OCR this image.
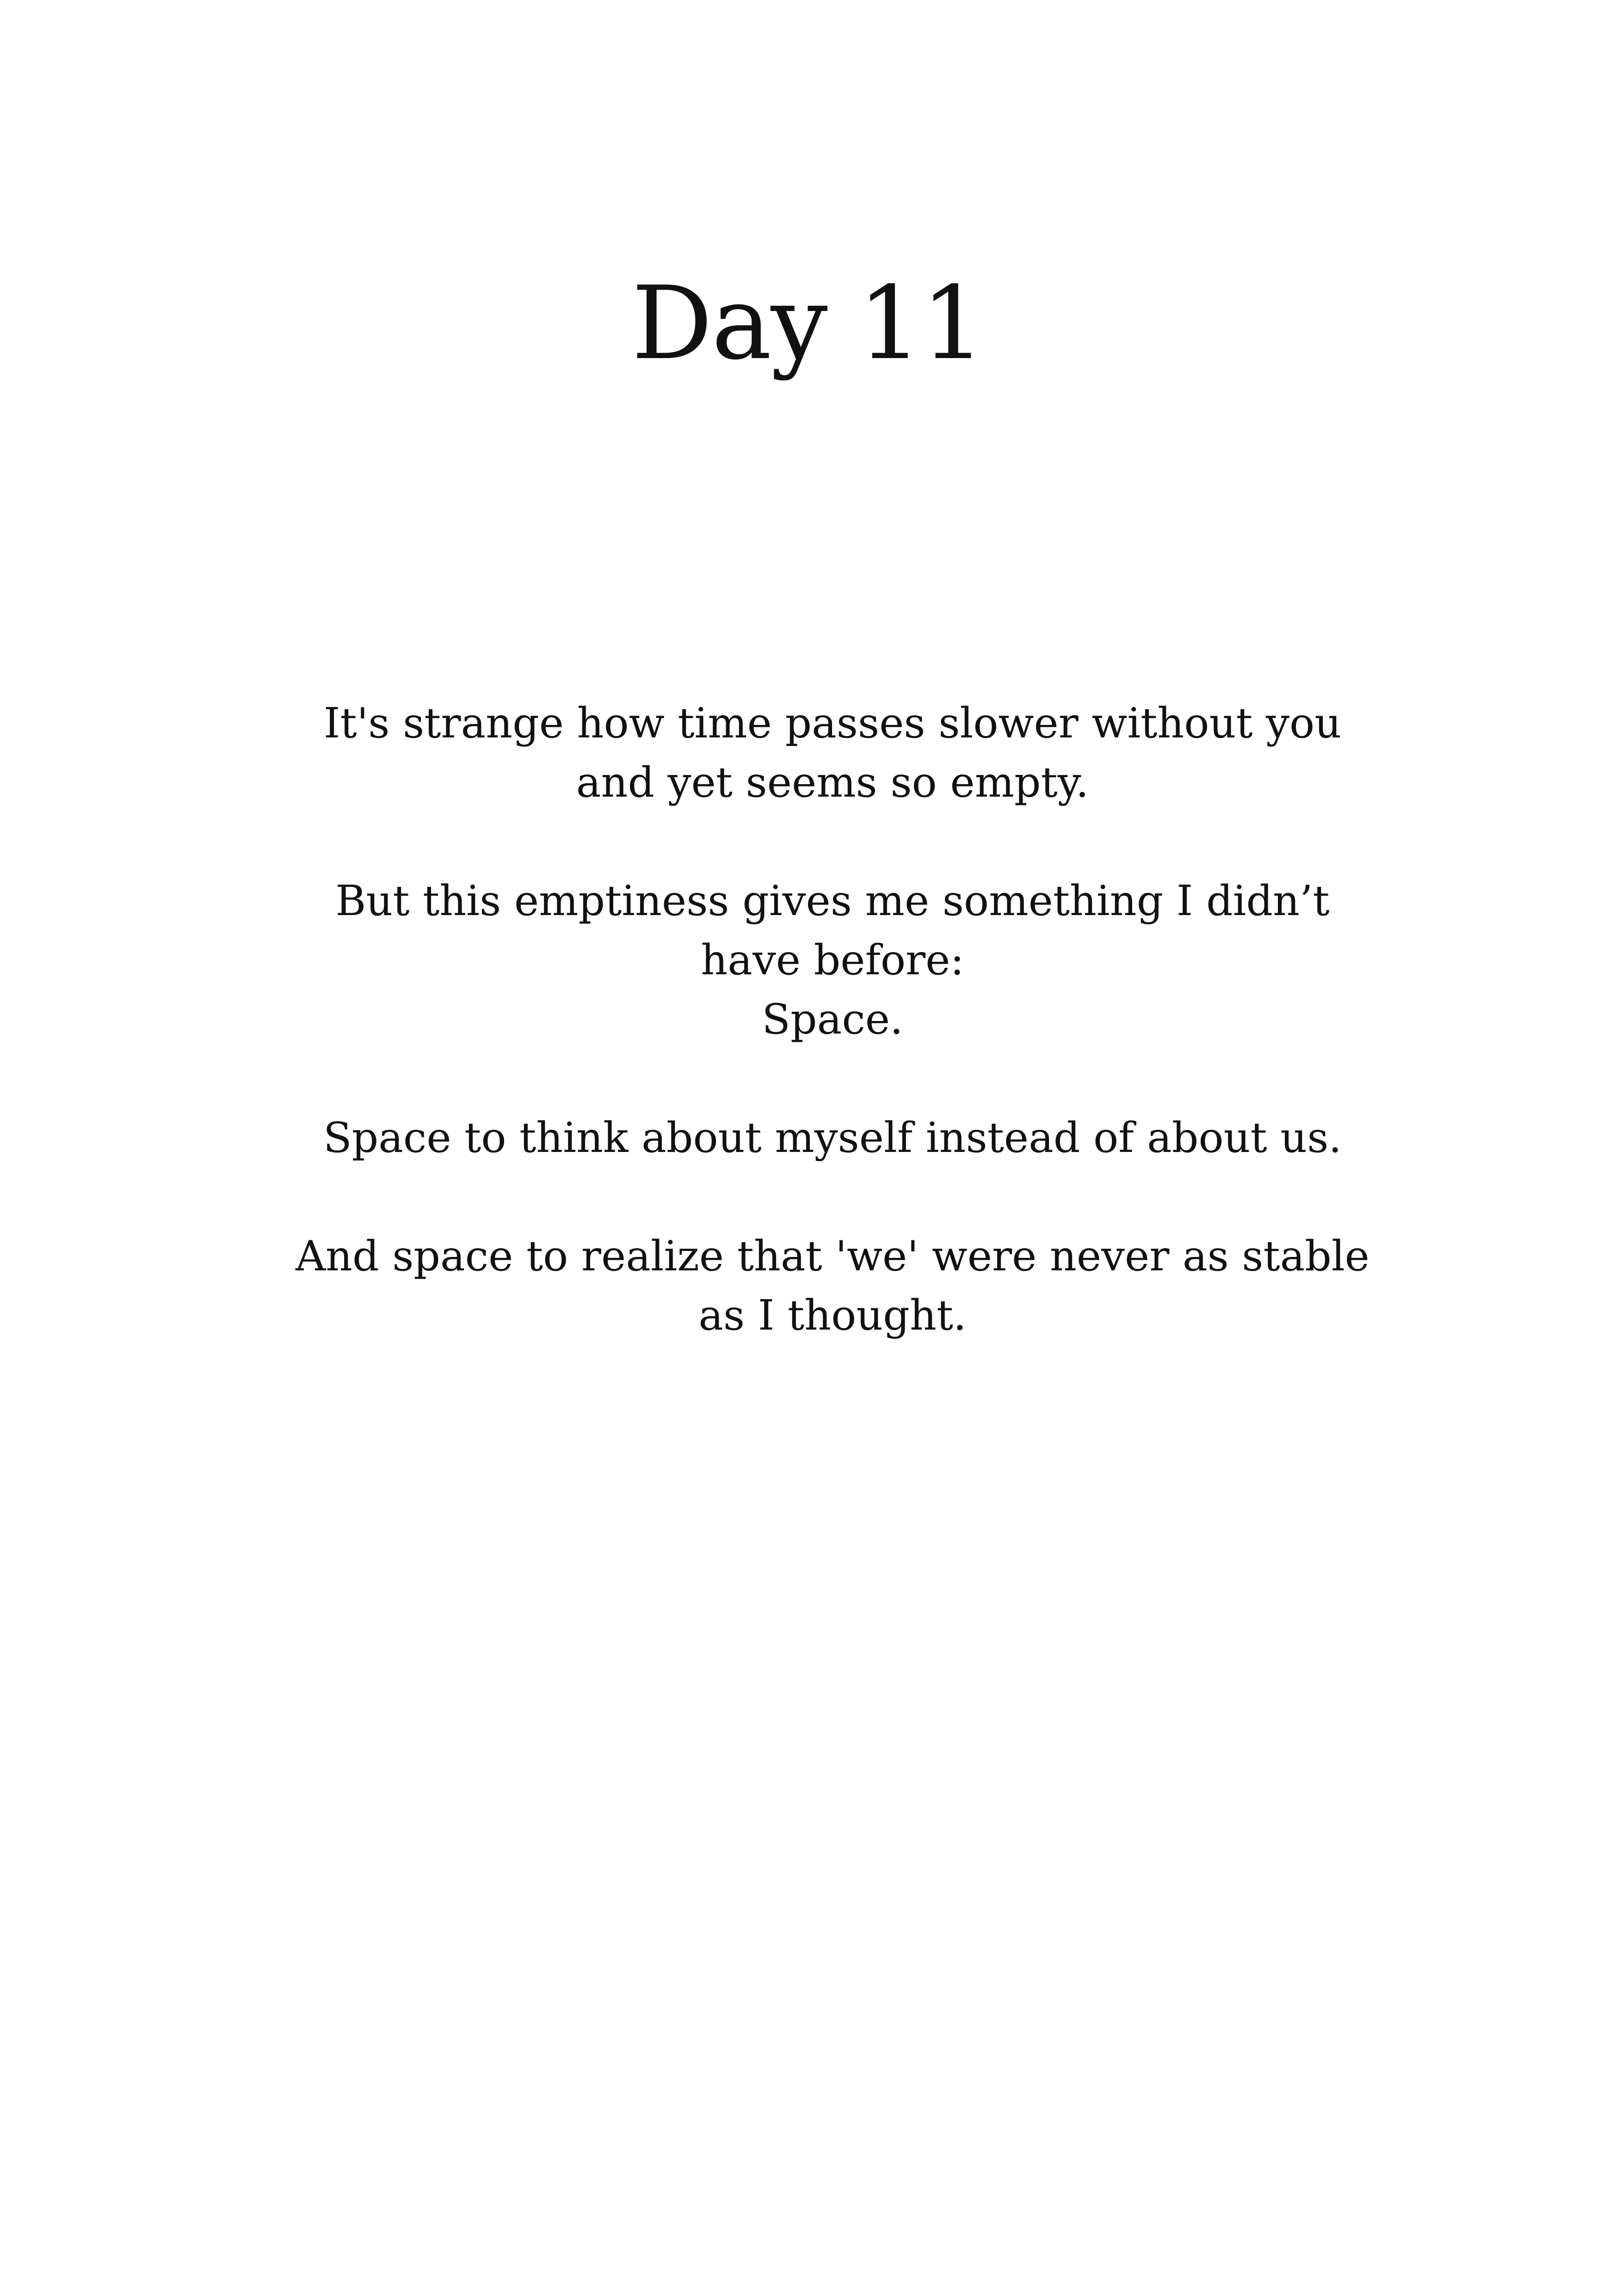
Day 11

It's strange how time passes slower without you
and yet seems so empty.

But this emptiness gives me something I didn’t
have before:
Space.

Space to think about myself instead of about us.

And space to realize that 'we' were never as stable
as I thought.
